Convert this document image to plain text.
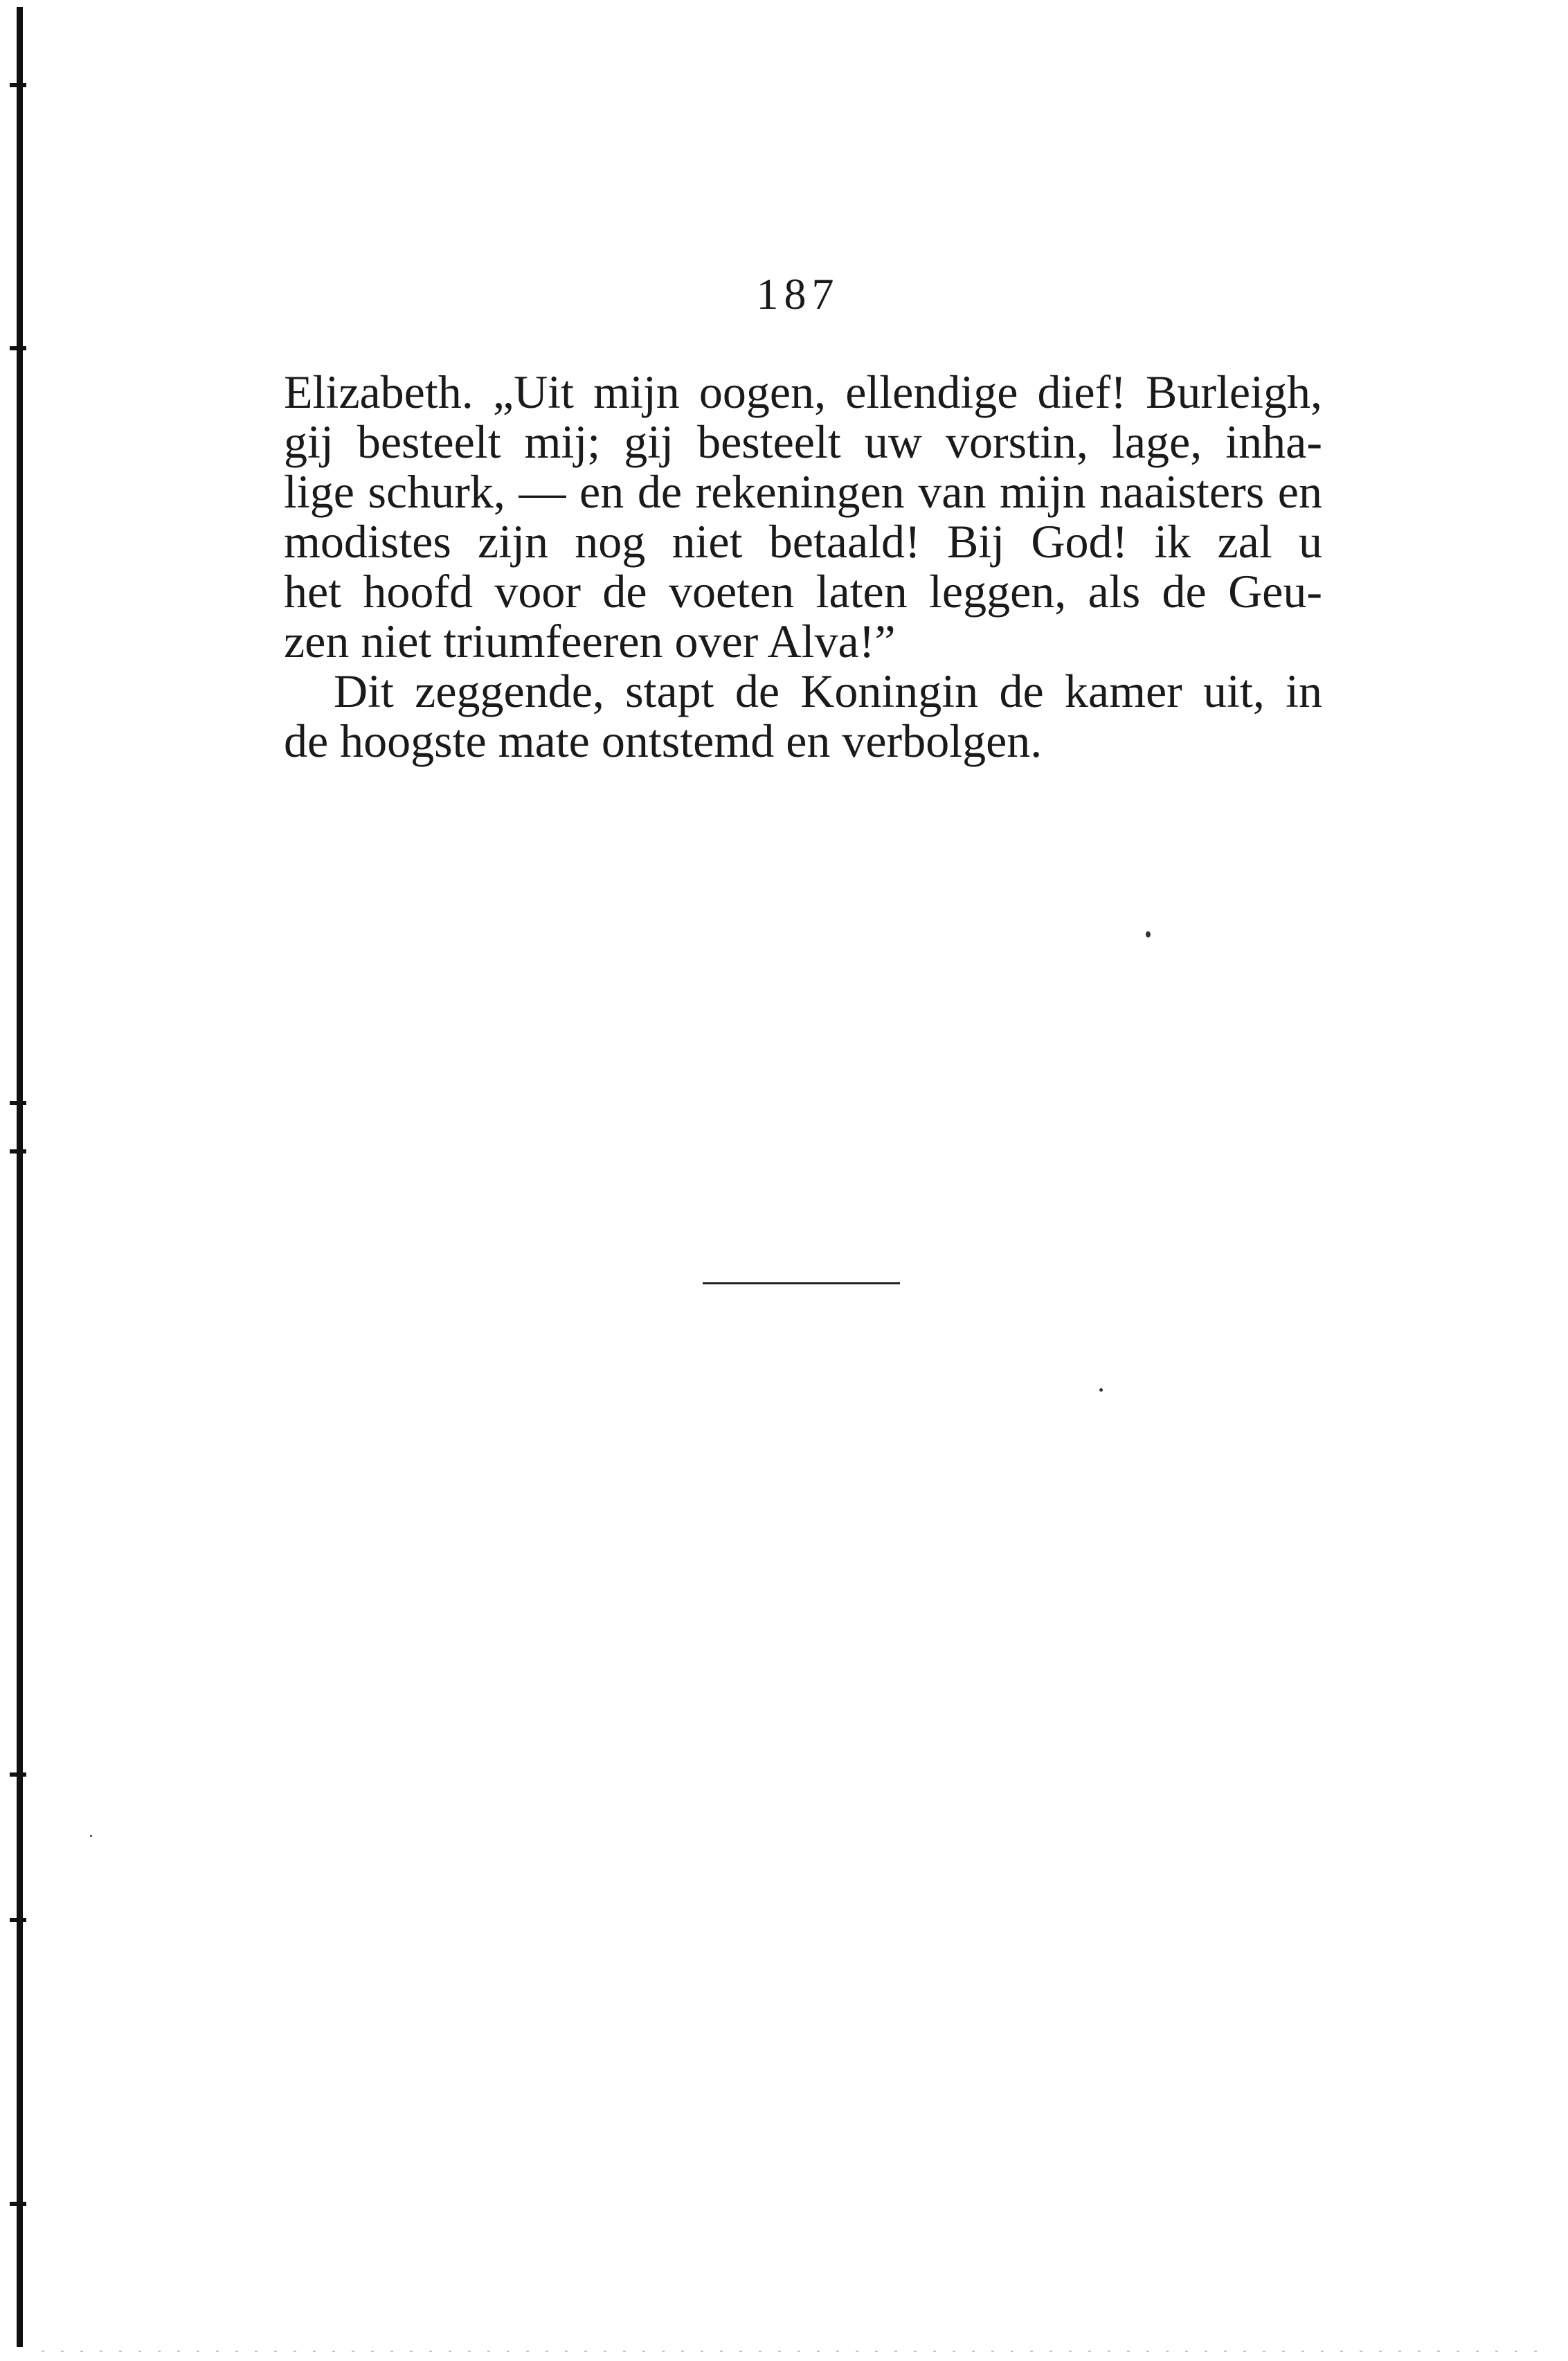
187
Elizabeth. „Uit mijn oogen, ellendige dief! Burleigh,
gij besteelt mij; gij besteelt uw vorstin, lage, inha-
lige schurk, — en de rekeningen van mijn naaisters en
modistes zijn nog niet betaald! Bij God! ik zal u
het hoofd voor de voeten laten leggen, als de Geu-
zen niet triumfeeren over Alva!”
Dit zeggende, stapt de Koningin de kamer uit, in
de hoogste mate ontstemd en verbolgen.
